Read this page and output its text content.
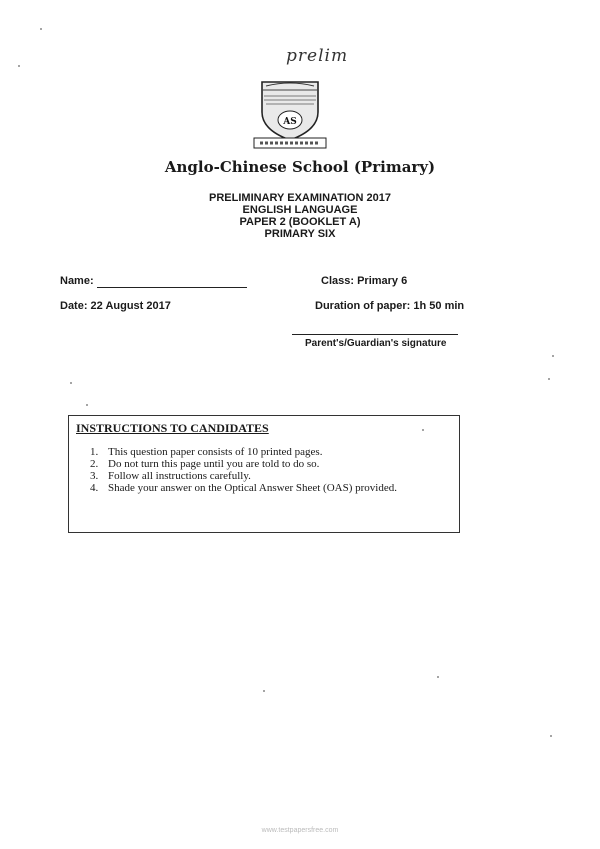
prelim
AS
Anglo-Chinese School (Primary)
PRELIMINARY EXAMINATION 2017
ENGLISH LANGUAGE
PAPER 2 (BOOKLET A)
PRIMARY SIX
Name:	Class: Primary 6
Date: 22 August 2017	Duration of paper: 1h 50 min
Parent's/Guardian's signature
INSTRUCTIONS TO CANDIDATES
1. This question paper consists of 10 printed pages.
2. Do not turn this page until you are told to do so.
3. Follow all instructions carefully.
4. Shade your answer on the Optical Answer Sheet (OAS) provided.
www.testpapersfree.com
